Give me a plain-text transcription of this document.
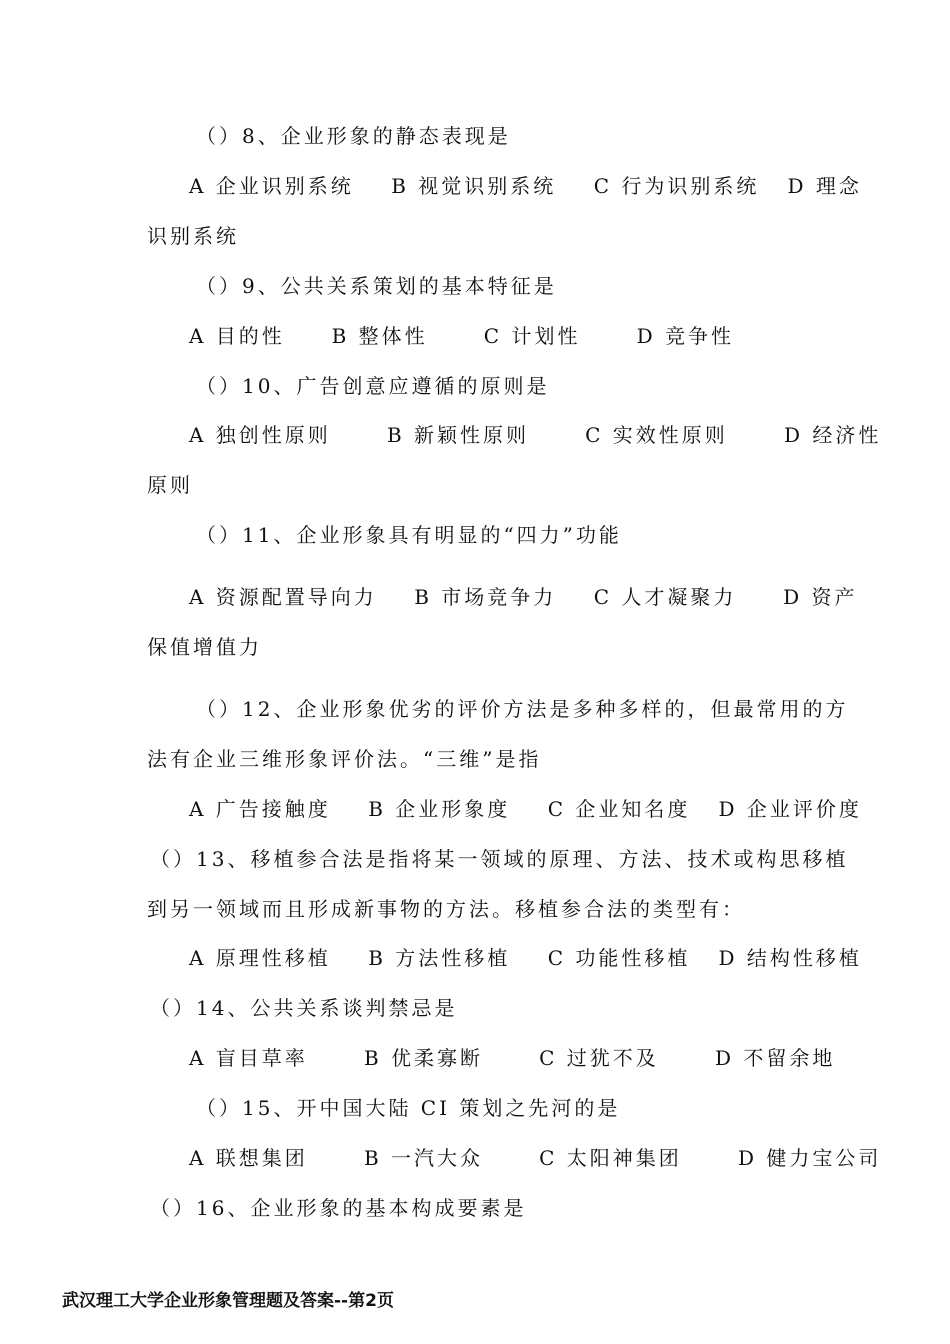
（）8、企业形象的静态表现是
A 企业识别系统    B 视觉识别系统    C 行为识别系统   D 理念
识别系统
（）9、公共关系策划的基本特征是
A 目的性     B 整体性      C 计划性      D 竞争性
（）10、广告创意应遵循的原则是
A 独创性原则      B 新颖性原则      C 实效性原则      D 经济性
原则
（）11、企业形象具有明显的“四力”功能
A 资源配置导向力    B 市场竞争力    C 人才凝聚力     D 资产
保值增值力
（）12、企业形象优劣的评价方法是多种多样的，但最常用的方
法有企业三维形象评价法。“三维”是指
A 广告接触度    B 企业形象度    C 企业知名度   D 企业评价度
（）13、移植参合法是指将某一领域的原理、方法、技术或构思移植
到另一领域而且形成新事物的方法。移植参合法的类型有：
A 原理性移植    B 方法性移植    C 功能性移植   D 结构性移植
（）14、公共关系谈判禁忌是
A 盲目草率      B 优柔寡断      C 过犹不及      D 不留余地
（）15、开中国大陆 CI 策划之先河的是
A 联想集团      B 一汽大众      C 太阳神集团      D 健力宝公司
（）16、企业形象的基本构成要素是
武汉理工大学企业形象管理题及答案--第2页
